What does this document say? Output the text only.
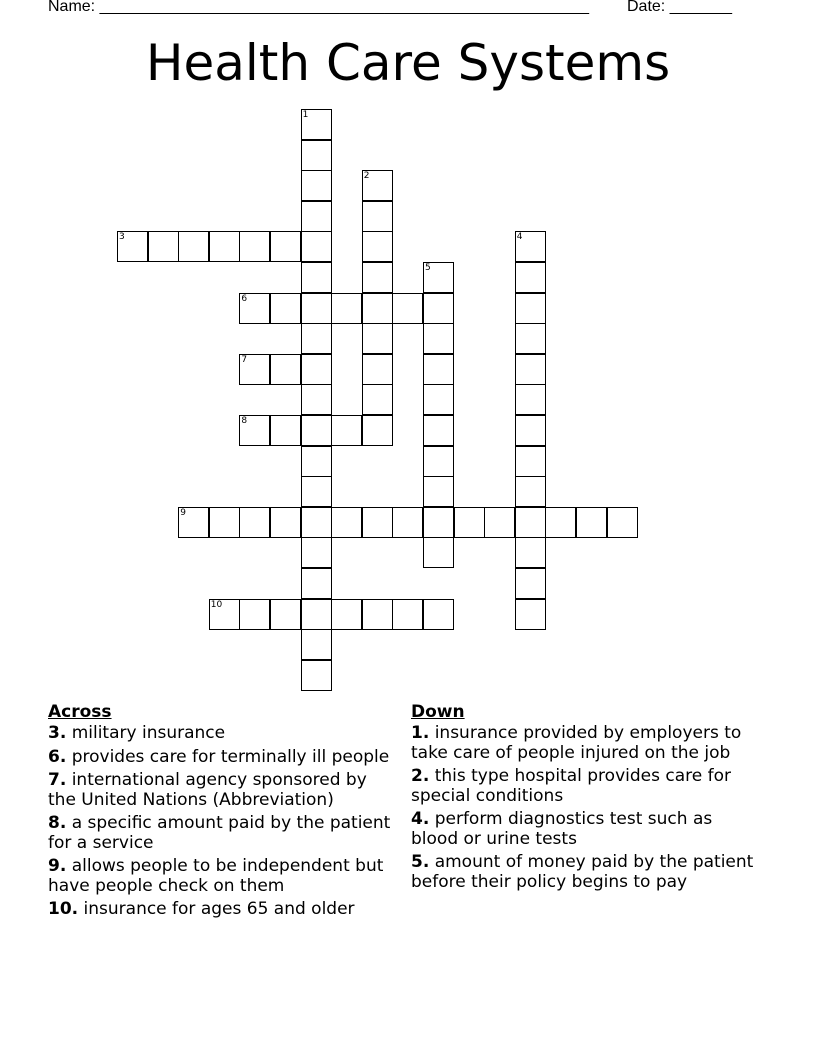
Name: _______________________________________________________ Date: _______
Health Care Systems
1
2
3	4
5
6
7
8
9
10
Across
3. military insurance
6. provides care for terminally ill people
7. international agency sponsored by the United Nations (Abbreviation)
8. a specific amount paid by the patient for a service
9. allows people to be independent but have people check on them
10. insurance for ages 65 and older
Down
1. insurance provided by employers to take care of people injured on the job
2. this type hospital provides care for special conditions
4. perform diagnostics test such as blood or urine tests
5. amount of money paid by the patient before their policy begins to pay
